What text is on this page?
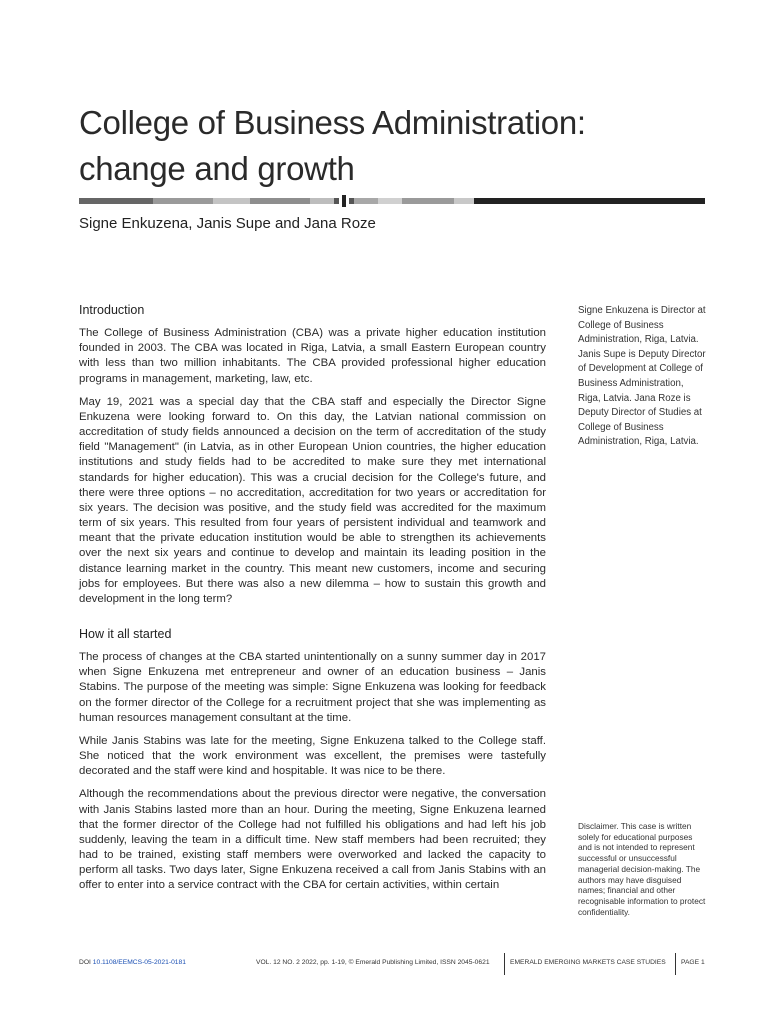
College of Business Administration:
change and growth
Signe Enkuzena, Janis Supe and Jana Roze
Introduction

The College of Business Administration (CBA) was a private higher education institution founded in 2003. The CBA was located in Riga, Latvia, a small Eastern European country with less than two million inhabitants. The CBA provided professional higher education programs in management, marketing, law, etc.

May 19, 2021 was a special day that the CBA staff and especially the Director Signe Enkuzena were looking forward to. On this day, the Latvian national commission on accreditation of study fields announced a decision on the term of accreditation of the study field "Management" (in Latvia, as in other European Union countries, the higher education institutions and study fields had to be accredited to make sure they met international standards for higher education). This was a crucial decision for the College's future, and there were three options – no accreditation, accreditation for two years or accreditation for six years. The decision was positive, and the study field was accredited for the maximum term of six years. This resulted from four years of persistent individual and teamwork and meant that the private education institution would be able to strengthen its achievements over the next six years and continue to develop and maintain its leading position in the distance learning market in the country. This meant new customers, income and securing jobs for employees. But there was also a new dilemma – how to sustain this growth and development in the long term?

How it all started

The process of changes at the CBA started unintentionally on a sunny summer day in 2017 when Signe Enkuzena met entrepreneur and owner of an education business – Janis Stabins. The purpose of the meeting was simple: Signe Enkuzena was looking for feedback on the former director of the College for a recruitment project that she was implementing as human resources management consultant at the time.

While Janis Stabins was late for the meeting, Signe Enkuzena talked to the College staff. She noticed that the work environment was excellent, the premises were tastefully decorated and the staff were kind and hospitable. It was nice to be there.

Although the recommendations about the previous director were negative, the conversation with Janis Stabins lasted more than an hour. During the meeting, Signe Enkuzena learned that the former director of the College had not fulfilled his obligations and had left his job suddenly, leaving the team in a difficult time. New staff members had been recruited; they had to be trained, existing staff members were overworked and lacked the capacity to perform all tasks. Two days later, Signe Enkuzena received a call from Janis Stabins with an offer to enter into a service contract with the CBA for certain activities, within certain

Signe Enkuzena is Director at College of Business Administration, Riga, Latvia. Janis Supe is Deputy Director of Development at College of Business Administration, Riga, Latvia. Jana Roze is Deputy Director of Studies at College of Business Administration, Riga, Latvia.
Disclaimer. This case is written solely for educational purposes and is not intended to represent successful or unsuccessful managerial decision-making. The authors may have disguised names; financial and other recognisable information to protect confidentiality.
DOI 10.1108/EEMCS-05-2021-0181	VOL. 12 NO. 2 2022, pp. 1-19, © Emerald Publishing Limited, ISSN 2045-0621	EMERALD EMERGING MARKETS CASE STUDIES PAGE 1
